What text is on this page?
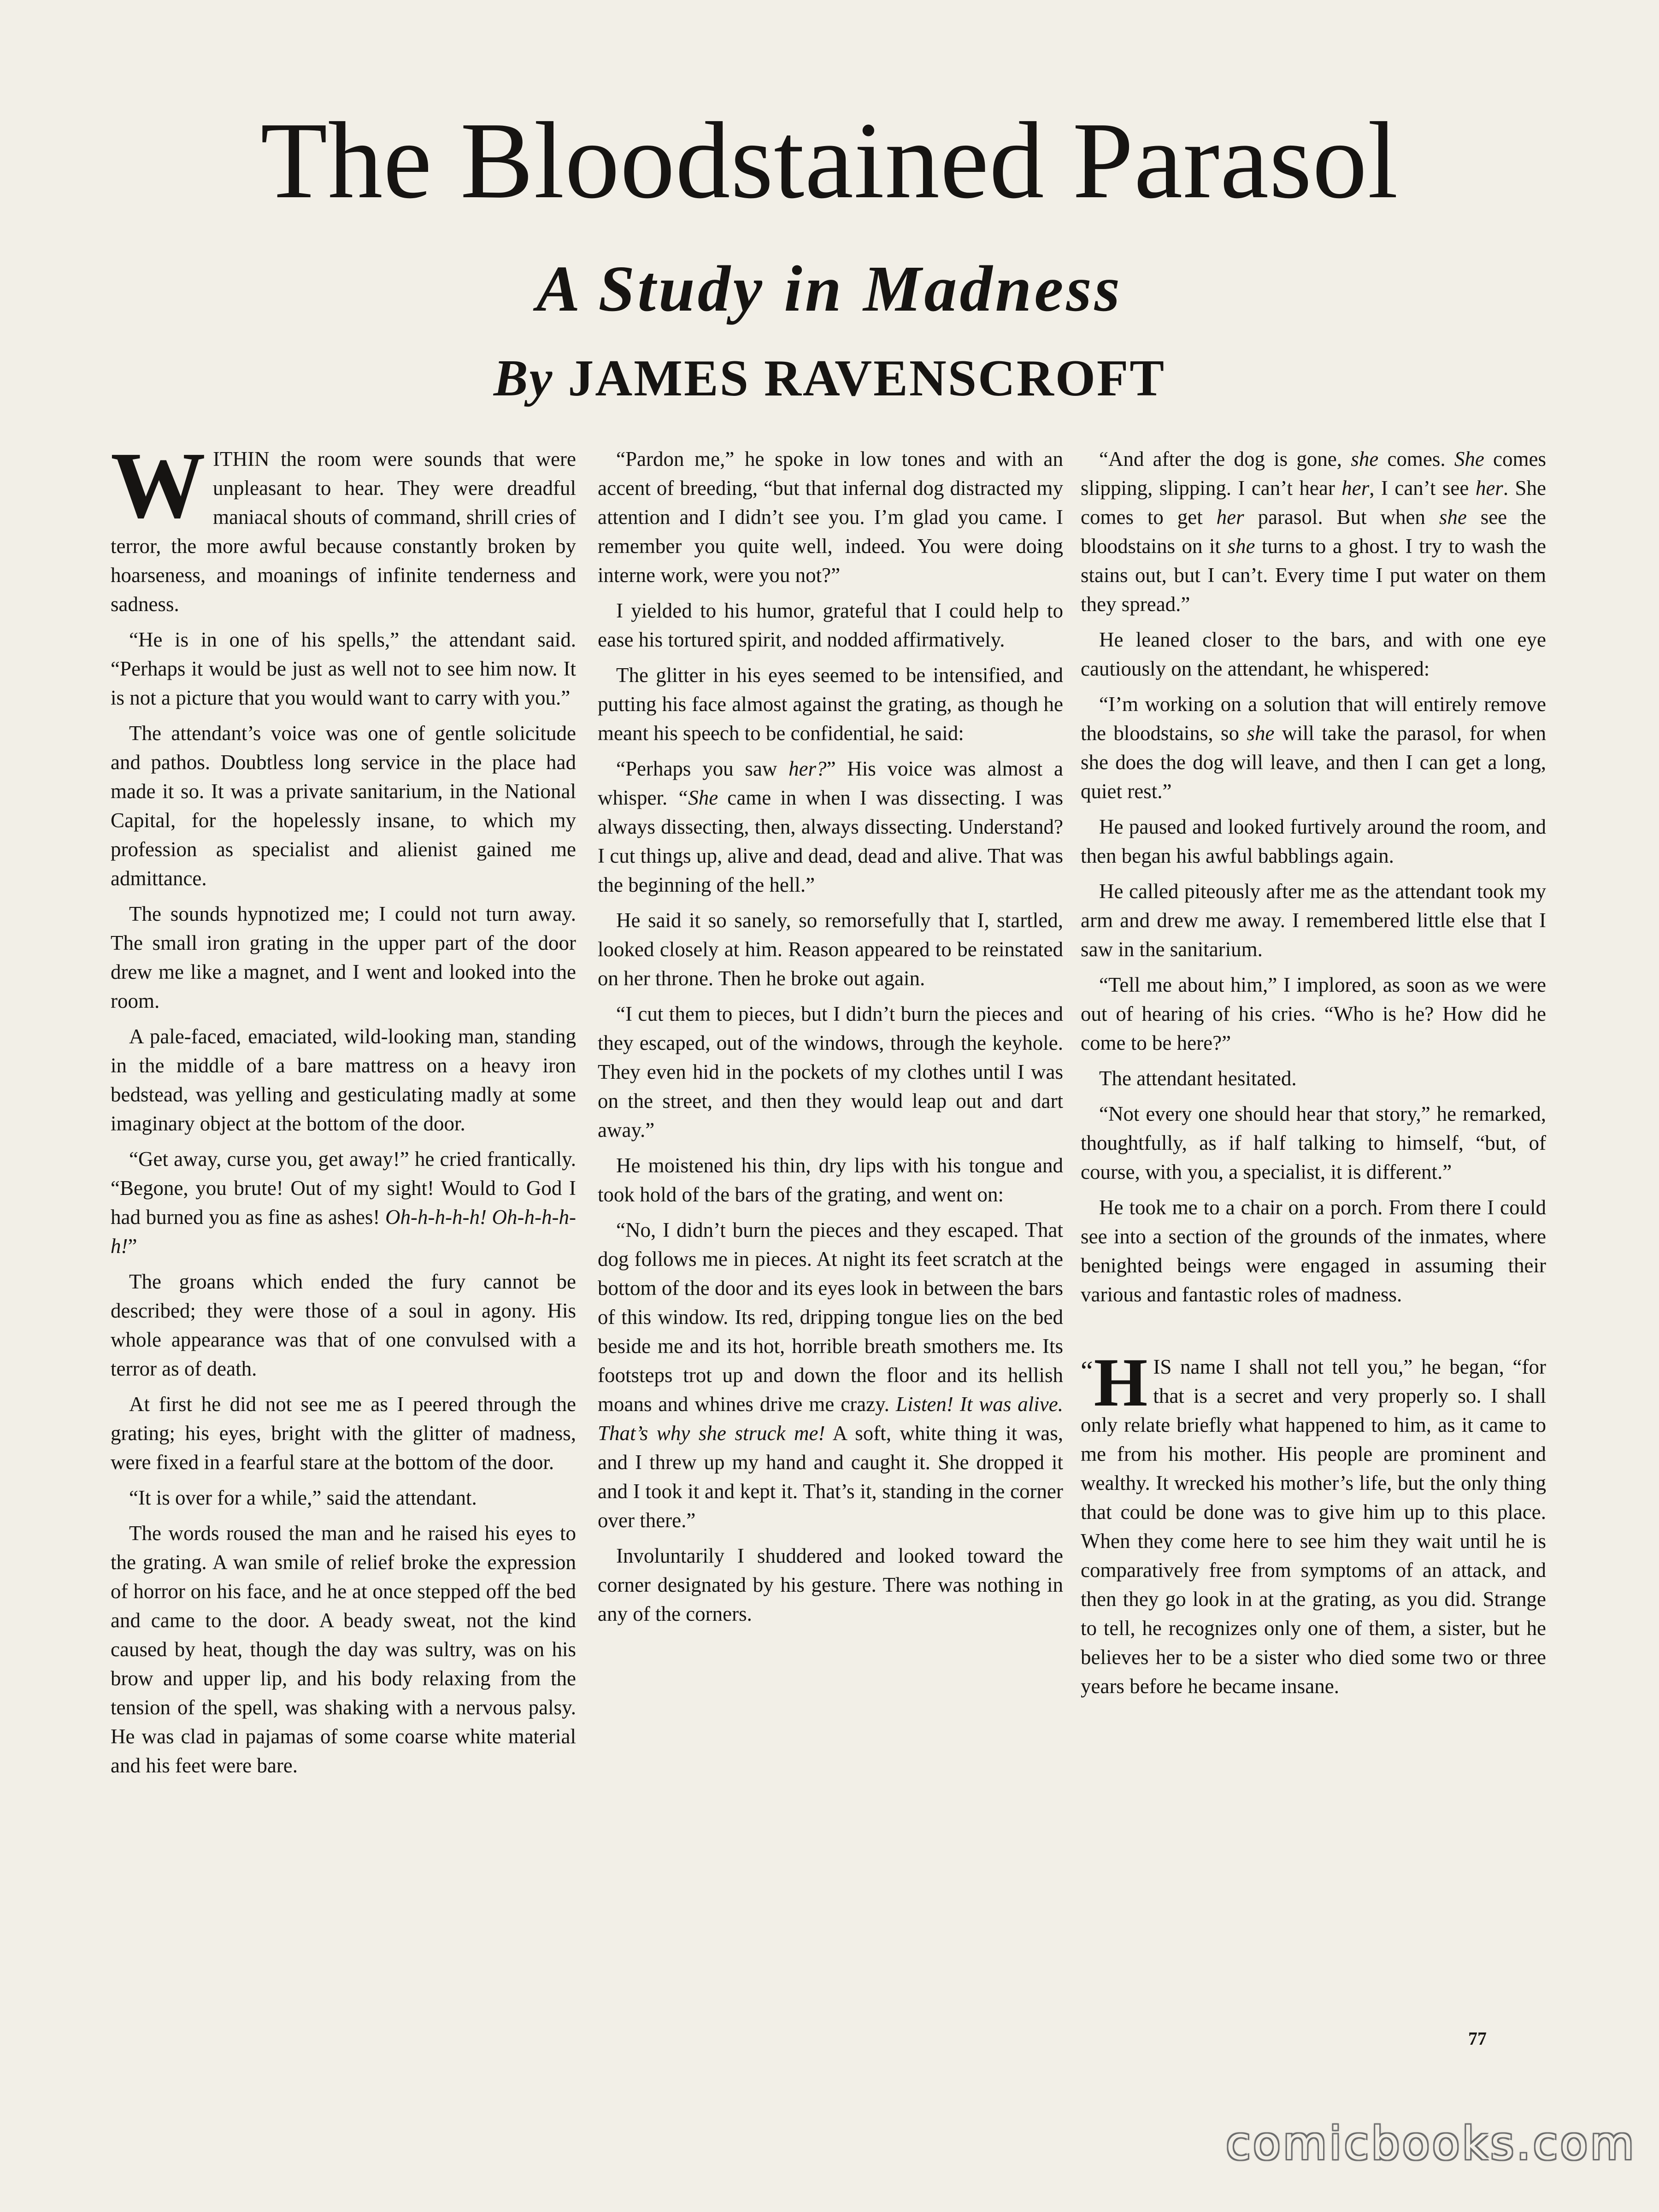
The Bloodstained Parasol
A Study in Madness
By JAMES RAVENSCROFT

WITHIN the room were sounds that were unpleasant to hear. They were dreadful maniacal shouts of command, shrill cries of terror, the more awful because constantly broken by hoarseness, and moanings of infinite tenderness and sadness.

“He is in one of his spells,” the attendant said. “Perhaps it would be just as well not to see him now. It is not a picture that you would want to carry with you.”

The attendant’s voice was one of gentle solicitude and pathos. Doubtless long service in the place had made it so. It was a private sanitarium, in the National Capital, for the hopelessly insane, to which my profession as specialist and alienist gained me admittance.

The sounds hypnotized me; I could not turn away. The small iron grating in the upper part of the door drew me like a magnet, and I went and looked into the room.

A pale-faced, emaciated, wild-looking man, standing in the middle of a bare mattress on a heavy iron bedstead, was yelling and gesticulating madly at some imaginary object at the bottom of the door.

“Get away, curse you, get away!” he cried frantically. “Begone, you brute! Out of my sight! Would to God I had burned you as fine as ashes! Oh-h-h-h-h! Oh-h-h-h-h!”

The groans which ended the fury cannot be described; they were those of a soul in agony. His whole appearance was that of one convulsed with a terror as of death.

At first he did not see me as I peered through the grating; his eyes, bright with the glitter of madness, were fixed in a fearful stare at the bottom of the door.

“It is over for a while,” said the attendant.

The words roused the man and he raised his eyes to the grating. A wan smile of relief broke the expression of horror on his face, and he at once stepped off the bed and came to the door. A beady sweat, not the kind caused by heat, though the day was sultry, was on his brow and upper lip, and his body relaxing from the tension of the spell, was shaking with a nervous palsy. He was clad in pajamas of some coarse white material and his feet were bare.

“Pardon me,” he spoke in low tones and with an accent of breeding, “but that infernal dog distracted my attention and I didn’t see you. I’m glad you came. I remember you quite well, indeed. You were doing interne work, were you not?”

I yielded to his humor, grateful that I could help to ease his tortured spirit, and nodded affirmatively.

The glitter in his eyes seemed to be intensified, and putting his face almost against the grating, as though he meant his speech to be confidential, he said:

“Perhaps you saw her?” His voice was almost a whisper. “She came in when I was dissecting. I was always dissecting, then, always dissecting. Understand? I cut things up, alive and dead, dead and alive. That was the beginning of the hell.”

He said it so sanely, so remorsefully that I, startled, looked closely at him. Reason appeared to be reinstated on her throne. Then he broke out again.

“I cut them to pieces, but I didn’t burn the pieces and they escaped, out of the windows, through the keyhole. They even hid in the pockets of my clothes until I was on the street, and then they would leap out and dart away.”

He moistened his thin, dry lips with his tongue and took hold of the bars of the grating, and went on:

“No, I didn’t burn the pieces and they escaped. That dog follows me in pieces. At night its feet scratch at the bottom of the door and its eyes look in between the bars of this window. Its red, dripping tongue lies on the bed beside me and its hot, horrible breath smothers me. Its footsteps trot up and down the floor and its hellish moans and whines drive me crazy. Listen! It was alive. That’s why she struck me! A soft, white thing it was, and I threw up my hand and caught it. She dropped it and I took it and kept it. That’s it, standing in the corner over there.”

Involuntarily I shuddered and looked toward the corner designated by his gesture. There was nothing in any of the corners.

“And after the dog is gone, she comes. She comes slipping, slipping. I can’t hear her, I can’t see her. She comes to get her parasol. But when she see the bloodstains on it she turns to a ghost. I try to wash the stains out, but I can’t. Every time I put water on them they spread.”

He leaned closer to the bars, and with one eye cautiously on the attendant, he whispered:

“I’m working on a solution that will entirely remove the bloodstains, so she will take the parasol, for when she does the dog will leave, and then I can get a long, quiet rest.”

He paused and looked furtively around the room, and then began his awful babblings again.

He called piteously after me as the attendant took my arm and drew me away. I remembered little else that I saw in the sanitarium.

“Tell me about him,” I implored, as soon as we were out of hearing of his cries. “Who is he? How did he come to be here?”

The attendant hesitated.

“Not every one should hear that story,” he remarked, thoughtfully, as if half talking to himself, “but, of course, with you, a specialist, it is different.”

He took me to a chair on a porch. From there I could see into a section of the grounds of the inmates, where benighted beings were engaged in assuming their various and fantastic roles of madness.

“ H IS name I shall not tell you,” he began, “for that is a secret and very properly so. I shall only relate briefly what happened to him, as it came to me from his mother. His people are prominent and wealthy. It wrecked his mother’s life, but the only thing that could be done was to give him up to this place. When they come here to see him they wait until he is comparatively free from symptoms of an attack, and then they go look in at the grating, as you did. Strange to tell, he recognizes only one of them, a sister, but he believes her to be a sister who died some two or three years before he became insane.

77
comicbooks.com
